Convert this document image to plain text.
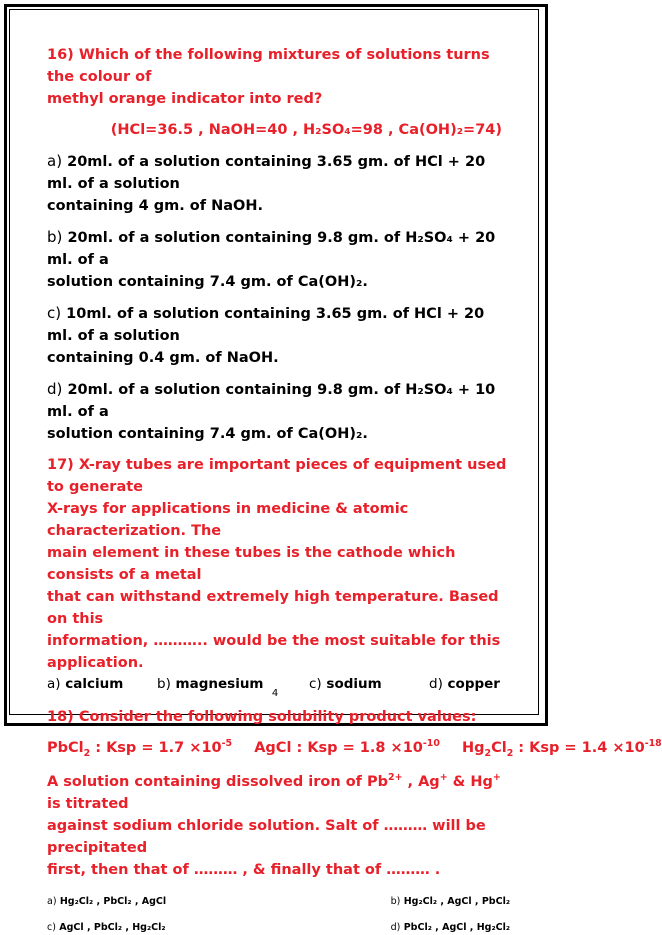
16) Which of the following mixtures of solutions turns the colour of

methyl orange indicator into red?

(HCl=36.5 , NaOH=40 , H₂SO₄=98 , Ca(OH)₂=74)

a) 20ml. of a solution containing 3.65 gm. of HCl + 20 ml. of a solution
containing 4 gm. of NaOH.

b) 20ml. of a solution containing 9.8 gm. of H₂SO₄ + 20 ml. of a
solution containing 7.4 gm. of Ca(OH)₂.

c) 10ml. of a solution containing 3.65 gm. of HCl + 20 ml. of a solution
containing 0.4 gm. of NaOH.

d) 20ml. of a solution containing 9.8 gm. of H₂SO₄ + 10 ml. of a
solution containing 7.4 gm. of Ca(OH)₂.

17) X-ray tubes are important pieces of equipment used to generate

X-rays for applications in medicine & atomic characterization. The

main element in these tubes is the cathode which consists of a metal

that can withstand extremely high temperature. Based on this

information, ……….. would be the most suitable for this application.

a) calcium	b) magnesium	c) sodium	d) copper

18) Consider the following solubility product values:

PbCl$_2$ : Ksp = $1.7 \times 10^{-5}$ AgCl : Ksp = $1.8 \times 10^{-10}$ $Hg_2Cl_2$ : Ksp = $1.4 \times 10^{-18}$

A solution containing dissolved iron of $Pb^{2+}$ , Ag+ & Hg+ is titrated

against sodium chloride solution. Salt of ……… will be precipitated

first, then that of ……… , & finally that of ……… .

a) Hg₂Cl₂ , PbCl₂ , AgCl	b) Hg₂Cl₂ , AgCl , PbCl₂
c) AgCl , PbCl₂ , Hg₂Cl₂	d) PbCl₂ , AgCl , Hg₂Cl₂
4
